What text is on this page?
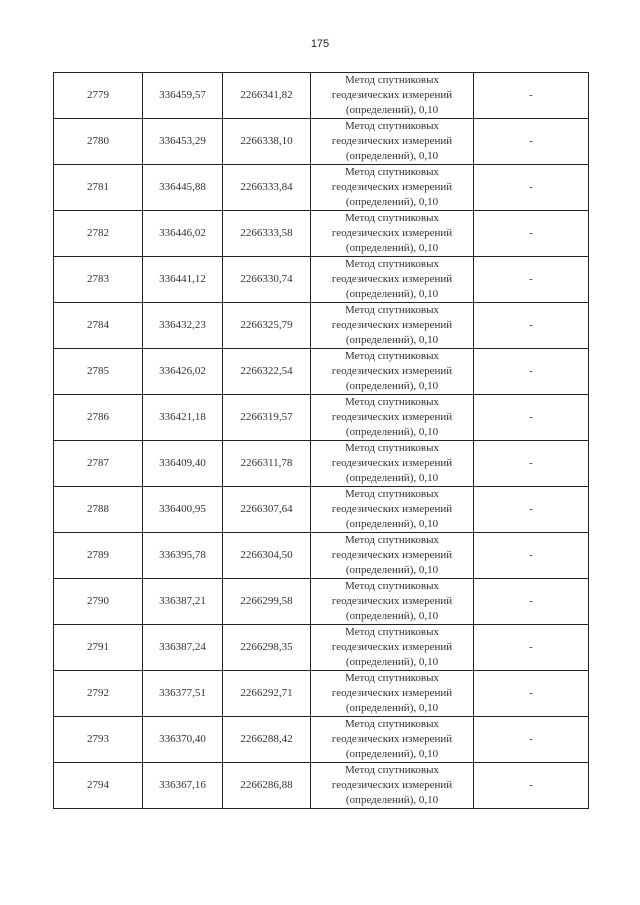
175
2779	336459,57	2266341,82	Метод спутниковых
геодезических измерений
(определений), 0,10	-
2780	336453,29	2266338,10	Метод спутниковых
геодезических измерений
(определений), 0,10	-
2781	336445,88	2266333,84	Метод спутниковых
геодезических измерений
(определений), 0,10	-
2782	336446,02	2266333,58	Метод спутниковых
геодезических измерений
(определений), 0,10	-
2783	336441,12	2266330,74	Метод спутниковых
геодезических измерений
(определений), 0,10	-
2784	336432,23	2266325,79	Метод спутниковых
геодезических измерений
(определений), 0,10	-
2785	336426,02	2266322,54	Метод спутниковых
геодезических измерений
(определений), 0,10	-
2786	336421,18	2266319,57	Метод спутниковых
геодезических измерений
(определений), 0,10	-
2787	336409,40	2266311,78	Метод спутниковых
геодезических измерений
(определений), 0,10	-
2788	336400,95	2266307,64	Метод спутниковых
геодезических измерений
(определений), 0,10	-
2789	336395,78	2266304,50	Метод спутниковых
геодезических измерений
(определений), 0,10	-
2790	336387,21	2266299,58	Метод спутниковых
геодезических измерений
(определений), 0,10	-
2791	336387,24	2266298,35	Метод спутниковых
геодезических измерений
(определений), 0,10	-
2792	336377,51	2266292,71	Метод спутниковых
геодезических измерений
(определений), 0,10	-
2793	336370,40	2266288,42	Метод спутниковых
геодезических измерений
(определений), 0,10	-
2794	336367,16	2266286,88	Метод спутниковых
геодезических измерений
(определений), 0,10	-
